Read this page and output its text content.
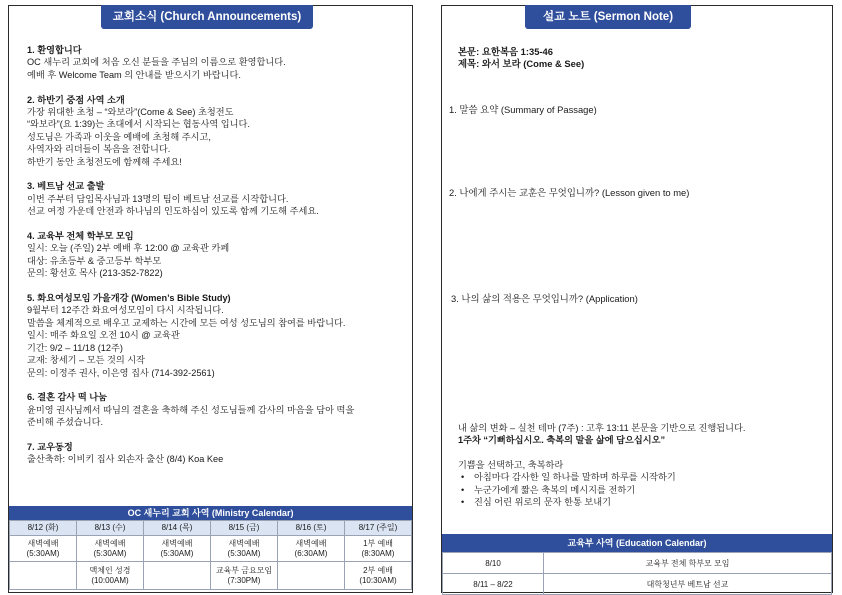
교회소식 (Church Announcements)
1. 환영합니다
OC 새누리 교회에 처음 오신 분들을 주님의 이름으로 환영합니다.
예배 후 Welcome Team 의 안내를 받으시기 바랍니다.
2. 하반기 중점 사역 소개
가장 위대한 초청 – “와보라”(Come & See) 초청전도
“와보라”(요 1:39)는 초대에서 시작되는 협동사역 입니다.
성도님은 가족과 이웃을 예배에 초청해 주시고,
사역자와 리더들이 복음을 전합니다.
하반기 동안 초청전도에 함께해 주세요!
3. 베트남 선교 출발
이번 주부터 담임목사님과 13명의 팀이 베트남 선교를 시작합니다.
선교 여정 가운데 안전과 하나님의 인도하심이 있도록 함께 기도해 주세요.
4. 교육부 전체 학부모 모임
일시: 오늘 (주일) 2부 예배 후 12:00 @ 교육관 카페
대상: 유초등부 & 중고등부 학부모
문의: 황선호 목사 (213-352-7822)
5. 화요여성모임 가을개강 (Women’s Bible Study)
9월부터 12주간 화요여성모임이 다시 시작됩니다.
말씀을 체계적으로 배우고 교제하는 시간에 모든 여성 성도님의 참여를 바랍니다.
일시: 매주 화요일 오전 10시 @ 교육관
기간: 9/2 – 11/18 (12주)
교재: 창세기 – 모든 것의 시작
문의: 이정주 권사, 이은영 집사 (714-392-2561)
6. 결혼 감사 떡 나눔
윤미영 권사님께서 따님의 결혼을 축하해 주신 성도님들께 감사의 마음을 담아 떡을
준비해 주셨습니다.
7. 교우동정
출산축하: 이비키 집사 외손자 출산 (8/4) Koa Kee
OC 새누리 교회 사역 (Ministry Calendar)
8/12 (화)	8/13 (수)	8/14 (목)	8/15 (금)	8/16 (토)	8/17 (주일)

새벽예배
(5:30AM)	새벽예배
(5:30AM)	새벽예배
(5:30AM)	새벽예배
(5:30AM)	새벽예배
(6:30AM)	1부 예배
(8:30AM)

	맥체인 성경
(10:00AM)		교육부 금요모임
(7:30PM)		2부 예배
(10:30AM)
설교 노트 (Sermon Note)
본문: 요한복음 1:35-46
제목: 와서 보라 (Come & See)
1. 말씀 요약 (Summary of Passage)
2. 나에게 주시는 교훈은 무엇입니까? (Lesson given to me)
3. 나의 삶의 적용은 무엇입니까? (Application)
내 삶의 변화 – 실천 테마 (7주) : 고후 13:11 본문을 기반으로 진행됩니다.
1주차 “기뻐하십시오. 축복의 말을 삶에 담으십시오”
기쁨을 선택하고, 축복하라
• 아침마다 감사한 일 하나를 말하며 하루를 시작하기
• 누군가에게 짧은 축복의 메시지를 전하기
• 진심 어린 위로의 문자 한통 보내기
교육부 사역 (Education Calendar)
8/10	교육부 전체 학부모 모임
8/11 – 8/22	대학청년부 베트남 선교
